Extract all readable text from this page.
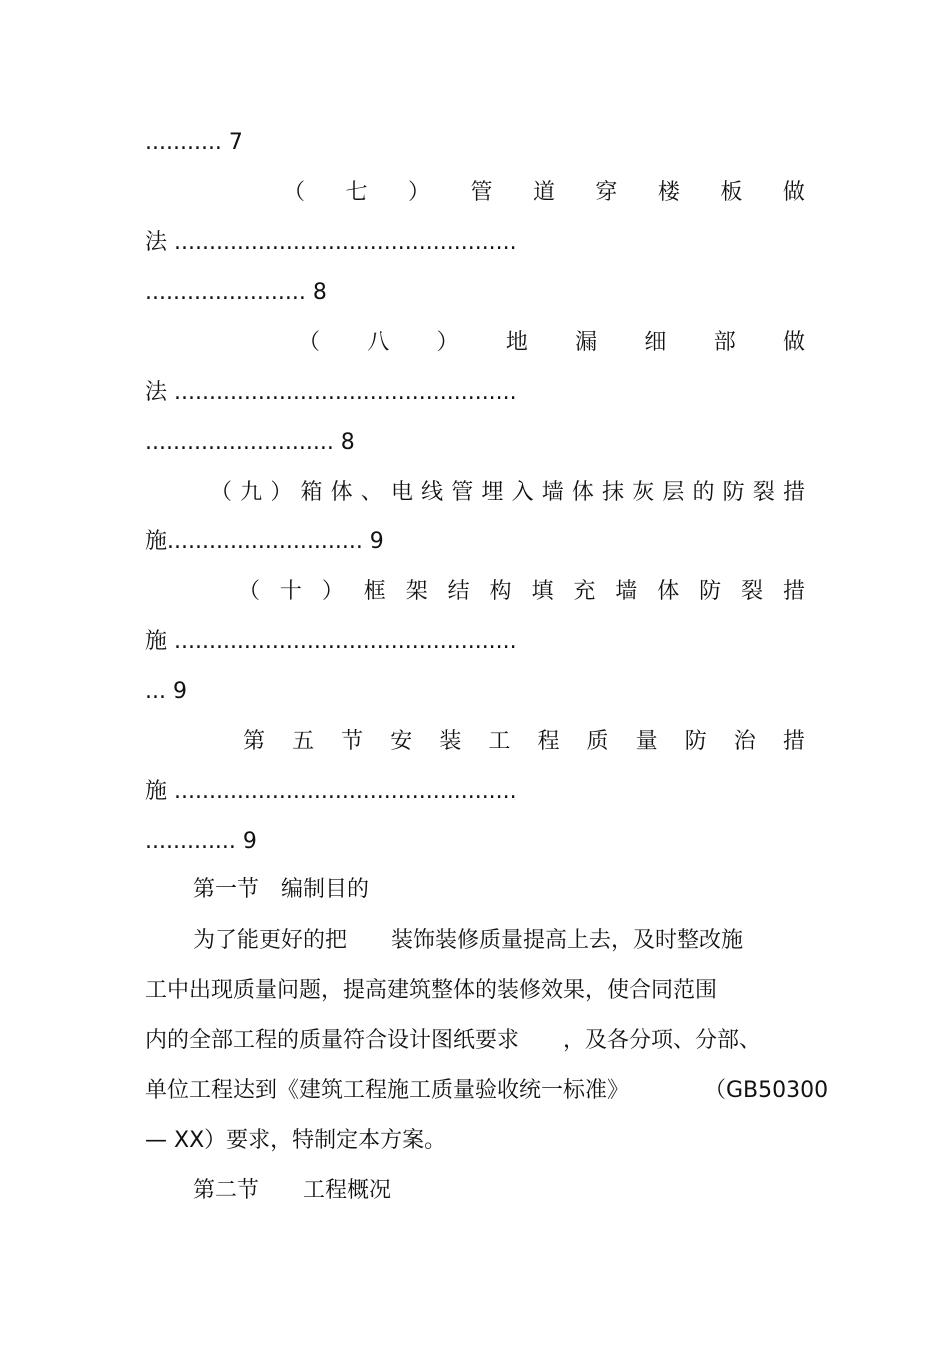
........... 7
（ 七 ） 管 道 穿 楼 板 做
法 .................................................
....................... 8
（ 八 ） 地 漏 细 部 做
法 .................................................
........................... 8
（ 九 ） 箱 体 、 电 线 管 埋 入 墙 体 抹 灰 层 的 防 裂 措
施............................ 9
（ 十 ） 框 架 结 构 填 充 墙 体 防 裂 措
施 .................................................
... 9
第 五 节 安 装 工 程 质 量 防 治 措
施 .................................................
............. 9
第一节　编制目的
为了能更好的把　　装饰装修质量提高上去，及时整改施
工中出现质量问题，提高建筑整体的装修效果，使合同范围
内的全部工程的质量符合设计图纸要求　　，及各分项、分部、
单位工程达到《建筑工程施工质量验收统一标准》	（GB50300
— XX）要求，特制定本方案。
第二节　　工程概况
